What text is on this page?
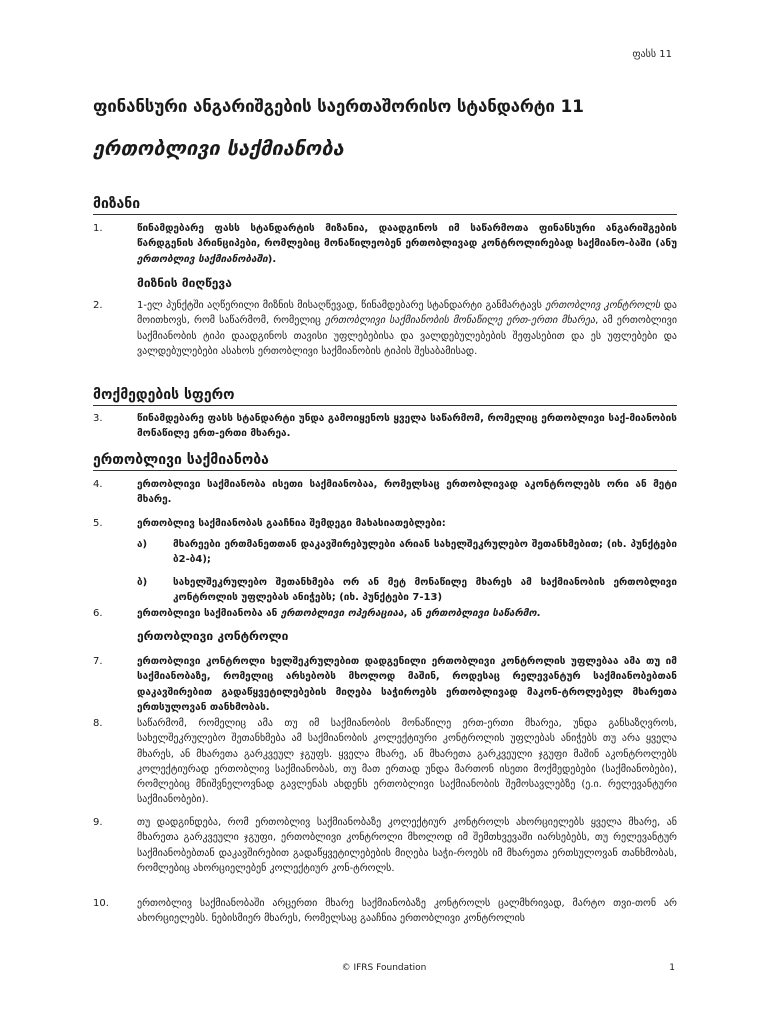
ფასს 11
ფინანსური ანგარიშგების საერთაშორისო სტანდარტი 11
ერთობლივი საქმიანობა
მიზანი
1.	წინამდებარე ფასს სტანდარტის მიზანია, დაადგინოს იმ საწარმოთა ფინანსური ანგარიშგების წარდგენის პრინციპები, რომლებიც მონაწილეობენ ერთობლივად კონტროლირებად საქმიანო-ბაში (ანუ ერთობლივ საქმიანობაში).
მიზნის მიღწევა
2.	1-ელ პუნქტში აღწერილი მიზნის მისაღწევად, წინამდებარე სტანდარტი განმარტავს ერთობლივ კონტროლს და მოითხოვს, რომ საწარმომ, რომელიც ერთობლივი საქმიანობის მონაწილე ერთ-ერთი მხარეა, ამ ერთობლივი საქმიანობის ტიპი დაადგინოს თავისი უფლებებისა და ვალდებულებების შეფასებით და ეს უფლებები და ვალდებულებები ასახოს ერთობლივი საქმიანობის ტიპის შესაბამისად.
მოქმედების სფერო
3.	წინამდებარე ფასს სტანდარტი უნდა გამოიყენოს ყველა საწარმომ, რომელიც ერთობლივი საქ-მიანობის მონაწილე ერთ-ერთი მხარეა.
ერთობლივი საქმიანობა
4.	ერთობლივი საქმიანობა ისეთი საქმიანობაა, რომელსაც ერთობლივად აკონტროლებს ორი ან მეტი მხარე.
5.	ერთობლივ საქმიანობას გააჩნია შემდეგი მახასიათებლები:
ა)	მხარეები ერთმანეთთან დაკავშირებულები არიან სახელშეკრულებო შეთანხმებით; (იხ. პუნქტები ბ2-ბ4);
ბ)	სახელშეკრულებო შეთანხმება ორ ან მეტ მონაწილე მხარეს ამ საქმიანობის ერთობლივი კონტროლის უფლებას ანიჭებს; (იხ. პუნქტები 7-13)
6.	ერთობლივი საქმიანობა ან ერთობლივი ოპერაციაა, ან ერთობლივი საწარმო.
ერთობლივი კონტროლი
7.	ერთობლივი კონტროლი ხელშეკრულებით დადგენილი ერთობლივი კონტროლის უფლებაა ამა თუ იმ საქმიანობაზე, რომელიც არსებობს მხოლოდ მაშინ, როდესაც რელევანტურ საქმიანობებთან დაკავშირებით გადაწყვეტილებების მიღება საჭიროებს ერთობლივად მაკონ-ტროლებელ მხარეთა ერთსულოვან თანხმობას.
8.	საწარმომ, რომელიც ამა თუ იმ საქმიანობის მონაწილე ერთ-ერთი მხარეა, უნდა განსაზღვროს, სახელშეკრულებო შეთანხმება ამ საქმიანობის კოლექტიური კონტროლის უფლებას ანიჭებს თუ არა ყველა მხარეს, ან მხარეთა გარკვეულ ჯგუფს. ყველა მხარე, ან მხარეთა გარკვეული ჯგუფი მაშინ აკონტროლებს კოლექტიურად ერთობლივ საქმიანობას, თუ მათ ერთად უნდა მართონ ისეთი მოქმედებები (საქმიანობები), რომლებიც მნიშვნელოვნად გავლენას ახდენს ერთობლივი საქმიანობის შემოსავლებზე (ე.ი. რელევანტური საქმიანობები).
9.	თუ დადგინდება, რომ ერთობლივ საქმიანობაზე კოლექტიურ კონტროლს ახორციელებს ყველა მხარე, ან მხარეთა გარკვეული ჯგუფი, ერთობლივი კონტროლი მხოლოდ იმ შემთხვევაში იარსებებს, თუ რელევანტურ საქმიანობებთან დაკავშირებით გადაწყვეტილებების მიღება საჭი-როებს იმ მხარეთა ერთსულოვან თანხმობას, რომლებიც ახორციელებენ კოლექტიურ კონ-ტროლს.
10.	ერთობლივ საქმიანობაში არცერთი მხარე საქმიანობაზე კონტროლს ცალმხრივად, მარტო თვი-თონ არ ახორციელებს. ნებისმიერ მხარეს, რომელსაც გააჩნია ერთობლივი კონტროლის
© IFRS Foundation	1
